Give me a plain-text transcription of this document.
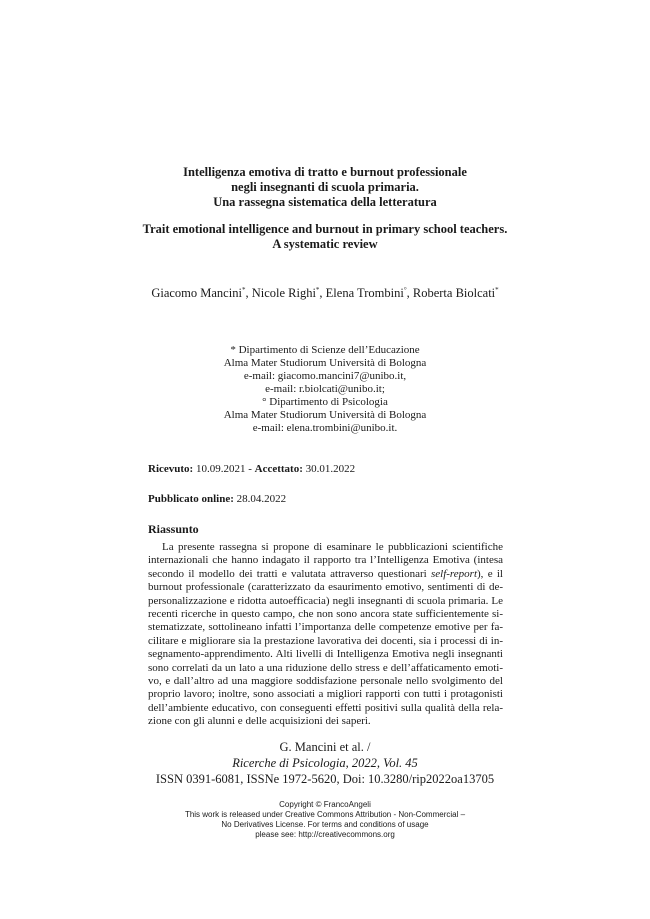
Intelligenza emotiva di tratto e burnout professionale
negli insegnanti di scuola primaria.
Una rassegna sistematica della letteratura
Trait emotional intelligence and burnout in primary school teachers.
A systematic review
Giacomo Mancini*, Nicole Righi*, Elena Trombini°, Roberta Biolcati*
* Dipartimento di Scienze dell’Educazione
Alma Mater Studiorum Università di Bologna
e-mail: giacomo.mancini7@unibo.it,
e-mail: r.biolcati@unibo.it;
° Dipartimento di Psicologia
Alma Mater Studiorum Università di Bologna
e-mail: elena.trombini@unibo.it.
Ricevuto: 10.09.2021 - Accettato: 30.01.2022
Pubblicato online: 28.04.2022
Riassunto
La presente rassegna si propone di esaminare le pubblicazioni scientifiche
internazionali che hanno indagato il rapporto tra l’Intelligenza Emotiva (intesa
secondo il modello dei tratti e valutata attraverso questionari self-report), e il
burnout professionale (caratterizzato da esaurimento emotivo, sentimenti di de-
personalizzazione e ridotta autoefficacia) negli insegnanti di scuola primaria. Le
recenti ricerche in questo campo, che non sono ancora state sufficientemente si-
stematizzate, sottolineano infatti l’importanza delle competenze emotive per fa-
cilitare e migliorare sia la prestazione lavorativa dei docenti, sia i processi di in-
segnamento-apprendimento. Alti livelli di Intelligenza Emotiva negli insegnanti
sono correlati da un lato a una riduzione dello stress e dell’affaticamento emoti-
vo, e dall’altro ad una maggiore soddisfazione personale nello svolgimento del
proprio lavoro; inoltre, sono associati a migliori rapporti con tutti i protagonisti
dell’ambiente educativo, con conseguenti effetti positivi sulla qualità della rela-
zione con gli alunni e delle acquisizioni dei saperi.
G. Mancini et al. /
Ricerche di Psicologia, 2022, Vol. 45
ISSN 0391-6081, ISSNe 1972-5620, Doi: 10.3280/rip2022oa13705
Copyright © FrancoAngeli
This work is released under Creative Commons Attribution - Non-Commercial –
No Derivatives License. For terms and conditions of usage
please see: http://creativecommons.org
